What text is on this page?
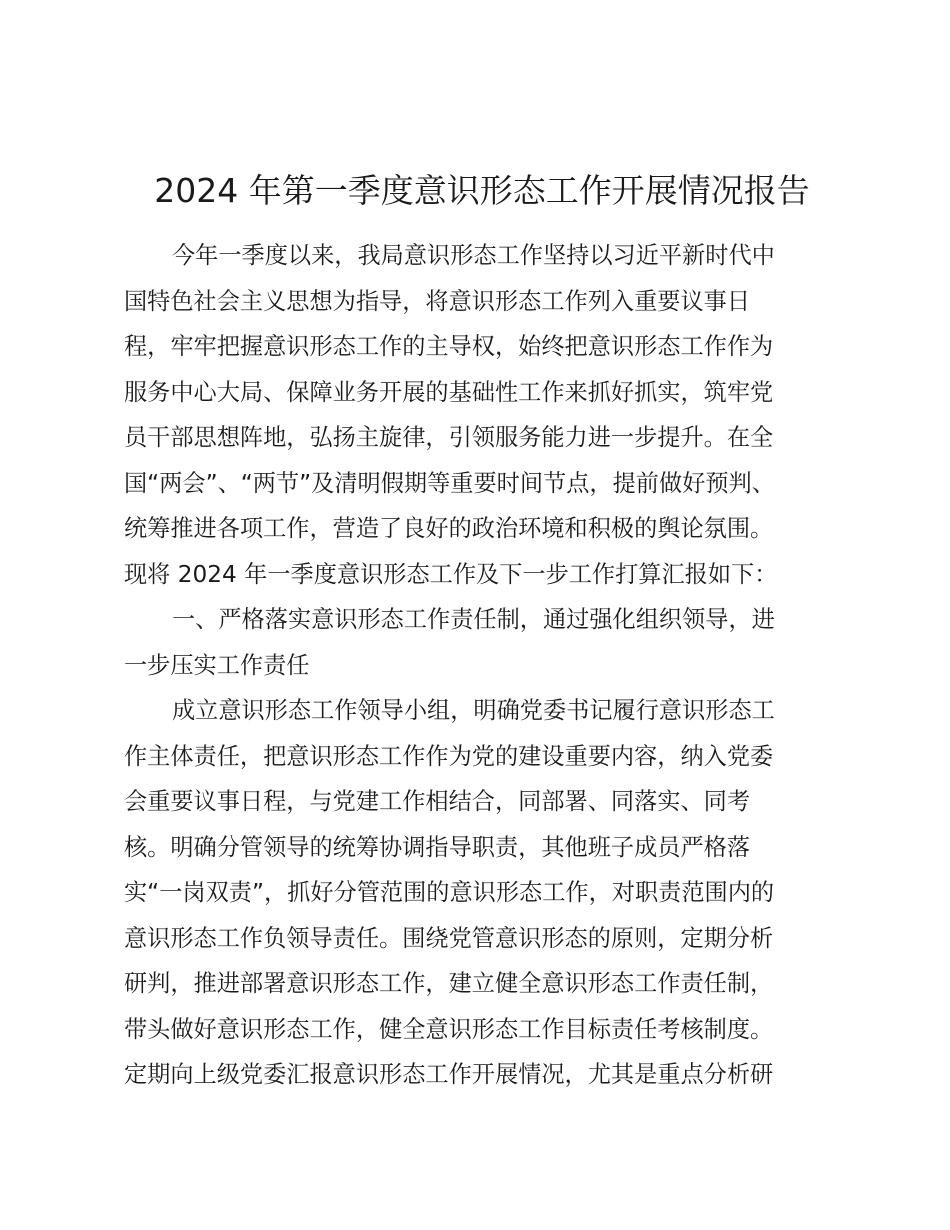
2024 年第一季度意识形态工作开展情况报告
今年一季度以来，我局意识形态工作坚持以习近平新时代中
国特色社会主义思想为指导，将意识形态工作列入重要议事日
程，牢牢把握意识形态工作的主导权，始终把意识形态工作作为
服务中心大局、保障业务开展的基础性工作来抓好抓实，筑牢党
员干部思想阵地，弘扬主旋律，引领服务能力进一步提升。在全
国“两会”、“两节”及清明假期等重要时间节点，提前做好预判、
统筹推进各项工作，营造了良好的政治环境和积极的舆论氛围。
现将 2024 年一季度意识形态工作及下一步工作打算汇报如下：
一、严格落实意识形态工作责任制，通过强化组织领导，进
一步压实工作责任
成立意识形态工作领导小组，明确党委书记履行意识形态工
作主体责任，把意识形态工作作为党的建设重要内容，纳入党委
会重要议事日程，与党建工作相结合，同部署、同落实、同考
核。明确分管领导的统筹协调指导职责，其他班子成员严格落
实“一岗双责”，抓好分管范围的意识形态工作，对职责范围内的
意识形态工作负领导责任。围绕党管意识形态的原则，定期分析
研判，推进部署意识形态工作，建立健全意识形态工作责任制，
带头做好意识形态工作，健全意识形态工作目标责任考核制度。
定期向上级党委汇报意识形态工作开展情况，尤其是重点分析研
